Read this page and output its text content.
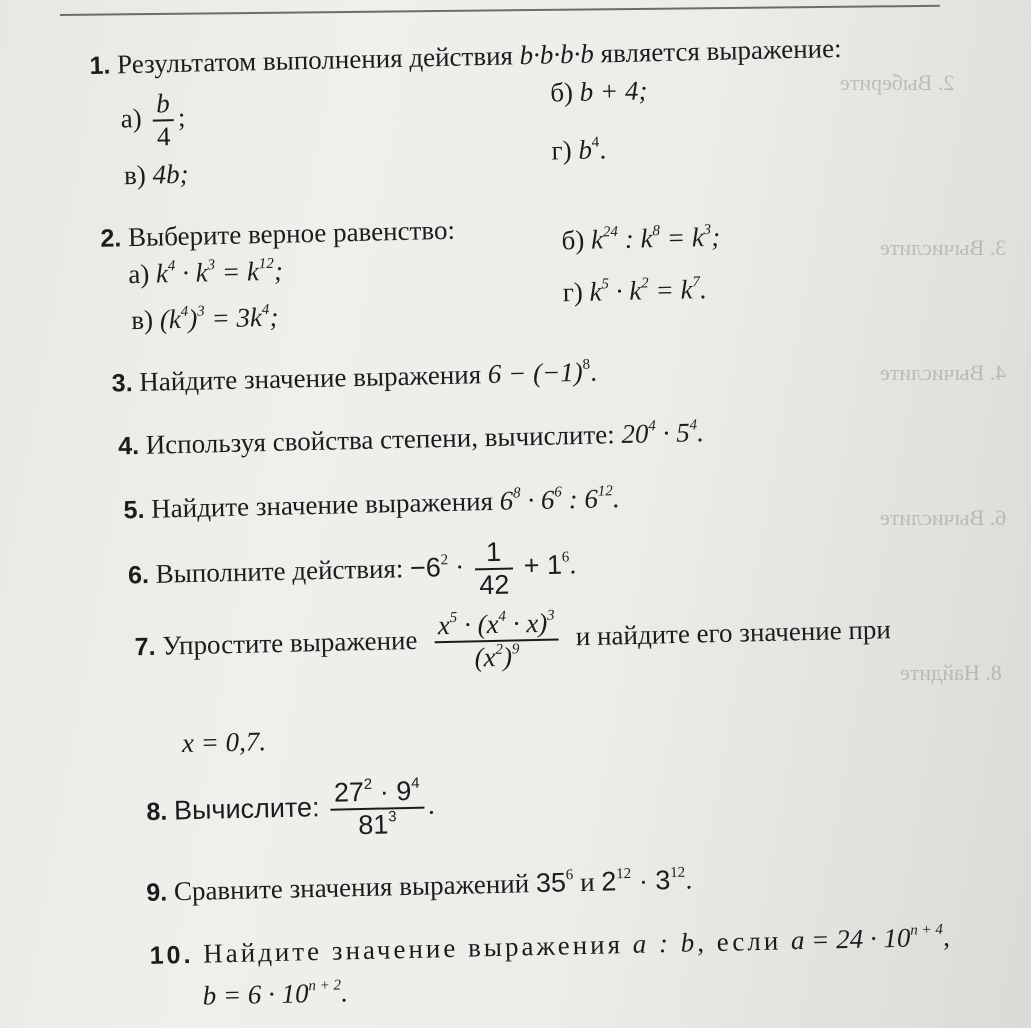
2. Выберите
3. Вычислите
4. Вычислите
6. Вычислите
8. Найдите
1. Результатом выполнения действия b·b·b·b является выражение:
$а) \frac{b}{4}$ ;
б) b + 4;
в) 4b;
г) $b^4$.
2. Выберите верное равенство:
а) $k^4 \cdot k^3 = k^{12}$;
б) $k^{24}$ : $k^8 = k^3$;
в) $(k^4)^3 = 3k^4$;
г) $k^5 \cdot k^2 = k^7$.
3. Найдите значение выражения $6 - (-1)^8$.
4. Используя свойства степени, вычислите: $20^4 \cdot 5^4$.
5. Найдите значение выражения $6^8 \cdot 6^6$ : $6^{12}$.
6. Выполните действия: $-6^2 \cdot \frac{1}{42} + 1^6$.
7. Упростите выражение $\frac{x^5 \cdot (x^4 \cdot x)^3}{(x^2)^9}$ и найдите его значение при
x = 0,7.
8. Вычислите: $\frac{27^2 \cdot 9^4}{81^3}$ .
9. Сравните значения выражений $35^6$ и $2^{12} \cdot 3^{12}$.
10. Найдите значение выражения a : b, если $a = 24 \cdot 10^{n + 4}$,
$b = 6 \cdot 10^{n + 2}$.
